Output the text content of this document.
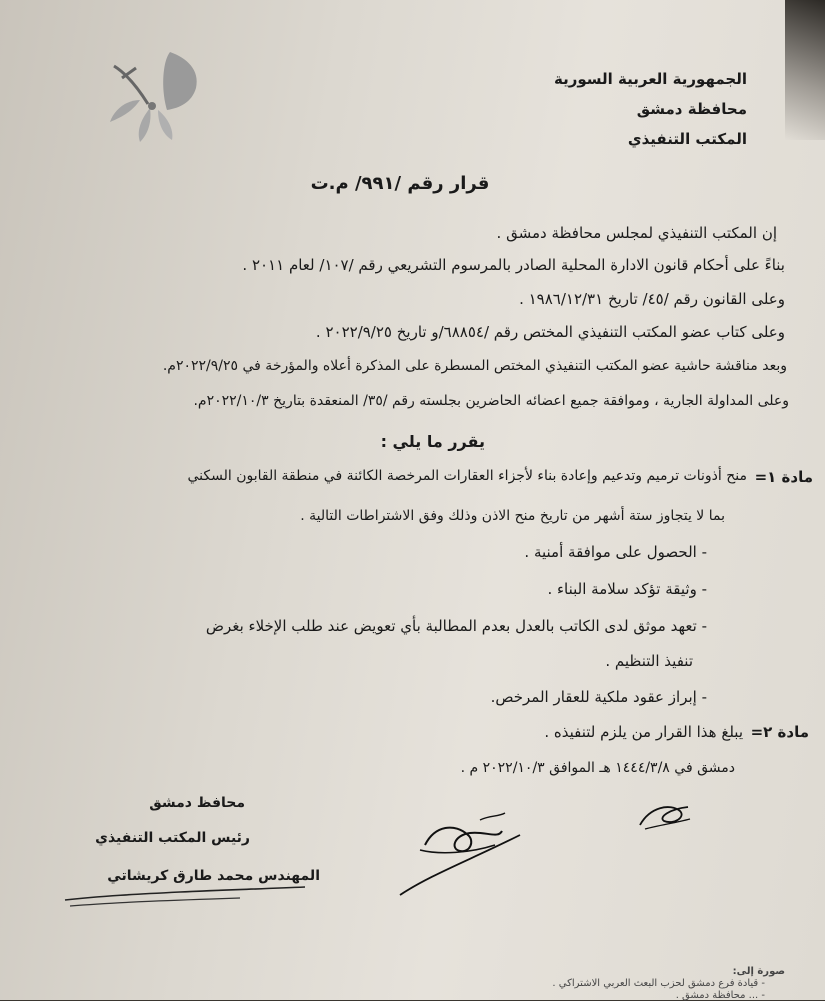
الجمهورية العربية السورية
محافظة دمشق
المكتب التنفيذي
قرار رقم /٩٩١/ م.ت
إن المكتب التنفيذي لمجلس محافظة دمشق .
بناءً على أحكام قانون الادارة المحلية الصادر بالمرسوم التشريعي رقم /١٠٧/ لعام ٢٠١١ .
وعلى القانون رقم /٤٥/ تاريخ ١٩٨٦/١٢/٣١ .
وعلى كتاب عضو المكتب التنفيذي المختص رقم /٦٨٨٥٤/و تاريخ ٢٠٢٢/٩/٢٥ .
وبعد مناقشة حاشية عضو المكتب التنفيذي المختص المسطرة على المذكرة أعلاه والمؤرخة في ٢٠٢٢/٩/٢٥م.
وعلى المداولة الجارية ، وموافقة جميع اعضائه الحاضرين بجلسته رقم /٣٥/ المنعقدة بتاريخ ٢٠٢٢/١٠/٣م.
يقرر ما يلي :
مادة ١=
منح أذونات ترميم وتدعيم وإعادة بناء لأجزاء العقارات المرخصة الكائنة في منطقة القابون السكني
بما لا يتجاوز ستة أشهر من تاريخ منح الاذن وذلك وفق الاشتراطات التالية .
- الحصول على موافقة أمنية .
- وثيقة تؤكد سلامة البناء .
- تعهد موثق لدى الكاتب بالعدل بعدم المطالبة بأي تعويض عند طلب الإخلاء بغرض
تنفيذ التنظيم .
- إبراز عقود ملكية للعقار المرخص.
مادة ٢=
يبلغ هذا القرار من يلزم لتنفيذه .
دمشق في ١٤٤٤/٣/٨ هـ الموافق ٢٠٢٢/١٠/٣ م .
محافظ دمشق
رئيس المكتب التنفيذي
المهندس محمد طارق كريشاتي
صورة إلى:
- قيادة فرع دمشق لحزب البعث العربي الاشتراكي .
- ... محافظة دمشق .
